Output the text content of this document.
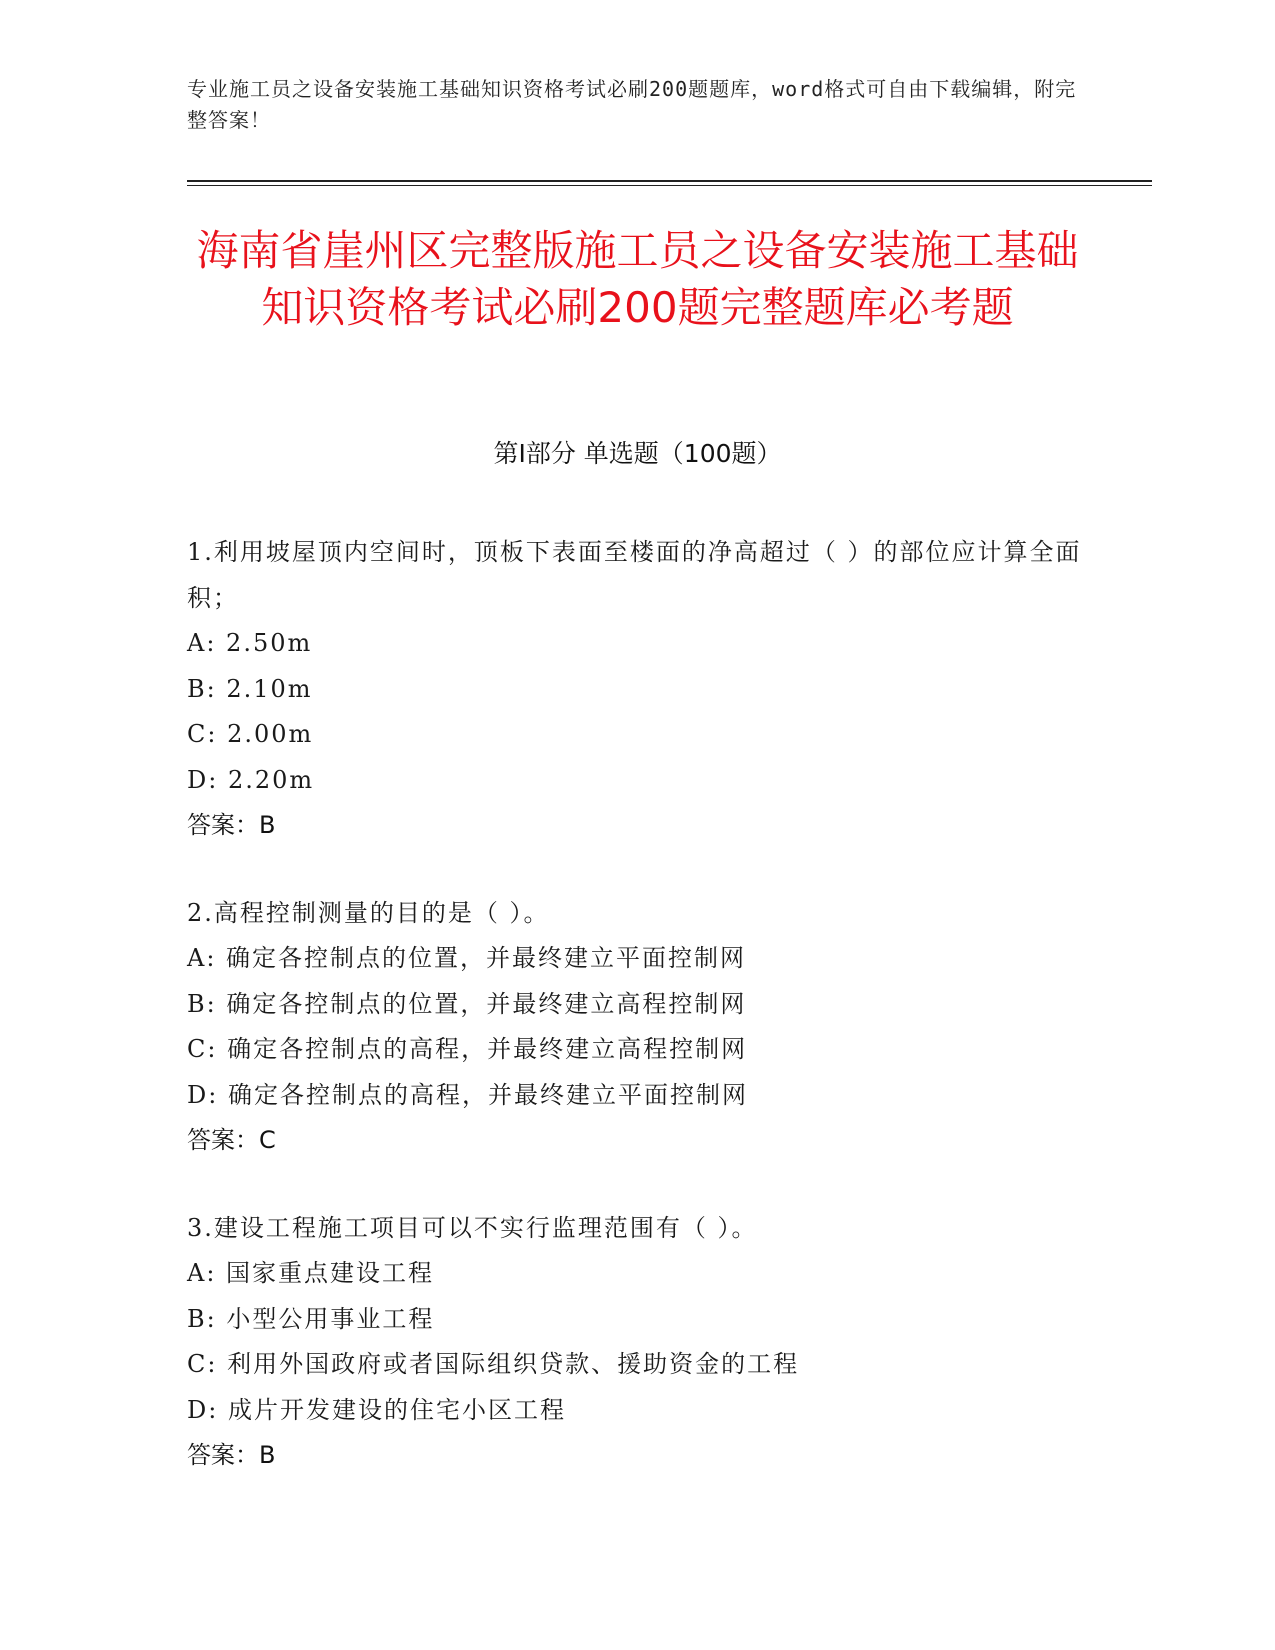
专业施工员之设备安装施工基础知识资格考试必刷200题题库，word格式可自由下载编辑，附完整答案！
海南省崖州区完整版施工员之设备安装施工基础知识资格考试必刷200题完整题库必考题
第I部分 单选题（100题）
1.利用坡屋顶内空间时，顶板下表面至楼面的净高超过（ ）的部位应计算全面积；
A: 2.50m
B: 2.10m
C: 2.00m
D: 2.20m
答案：B
2.高程控制测量的目的是（ ）。
A: 确定各控制点的位置，并最终建立平面控制网
B: 确定各控制点的位置，并最终建立高程控制网
C: 确定各控制点的高程，并最终建立高程控制网
D: 确定各控制点的高程，并最终建立平面控制网
答案：C
3.建设工程施工项目可以不实行监理范围有（ ）。
A: 国家重点建设工程
B: 小型公用事业工程
C: 利用外国政府或者国际组织贷款、援助资金的工程
D: 成片开发建设的住宅小区工程
答案：B
